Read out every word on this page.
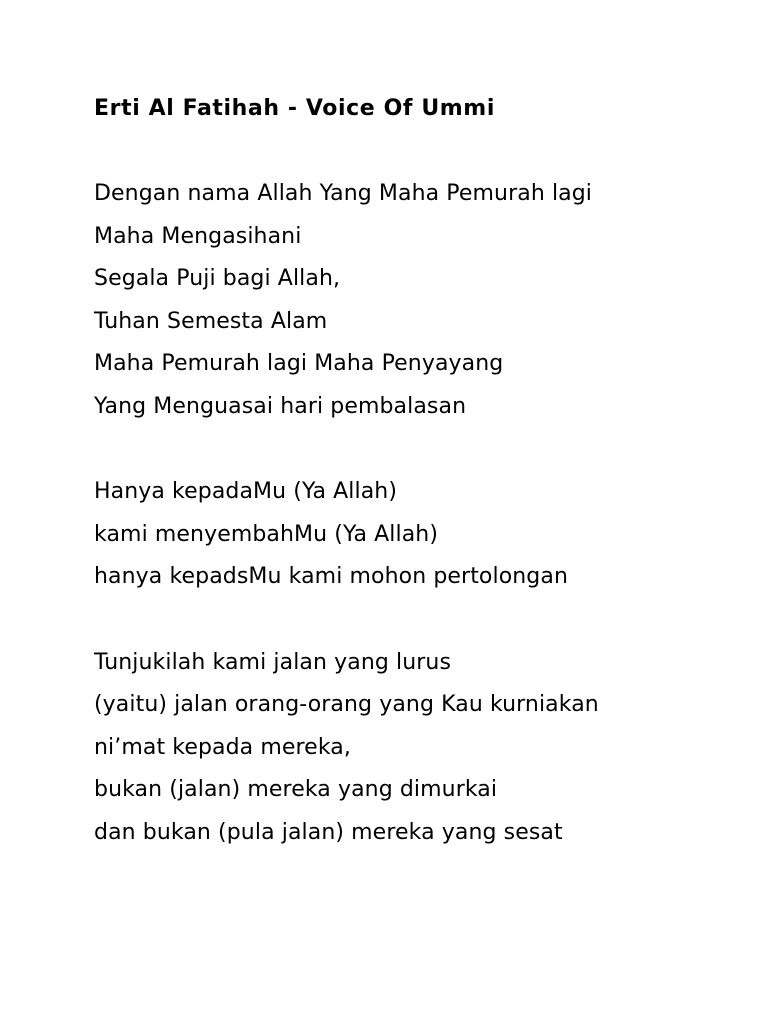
Erti Al Fatihah - Voice Of Ummi
Dengan nama Allah Yang Maha Pemurah lagi
Maha Mengasihani
Segala Puji bagi Allah,
Tuhan Semesta Alam
Maha Pemurah lagi Maha Penyayang
Yang Menguasai hari pembalasan
Hanya kepadaMu (Ya Allah)
kami menyembahMu (Ya Allah)
hanya kepadsMu kami mohon pertolongan
Tunjukilah kami jalan yang lurus
(yaitu) jalan orang-orang yang Kau kurniakan
ni’mat kepada mereka,
bukan (jalan) mereka yang dimurkai
dan bukan (pula jalan) mereka yang sesat
